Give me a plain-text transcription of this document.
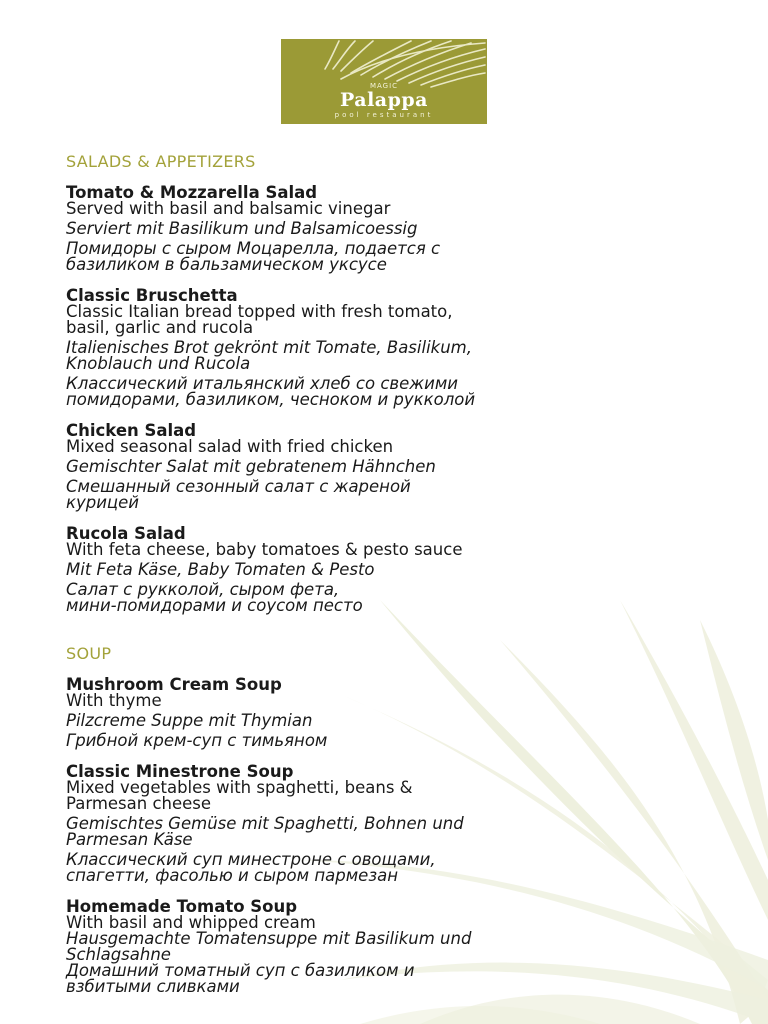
MAGIC
Palappa
pool restaurant
SALADS & APPETIZERS
Tomato & Mozzarella Salad
Served with basil and balsamic vinegar
Serviert mit Basilikum und Balsamicoessig
Помидоры с сыром Моцарелла, подается с
базиликом в бальзамическом уксусе
Classic Bruschetta
Classic Italian bread topped with fresh tomato,
basil, garlic and rucola
Italienisches Brot gekrönt mit Tomate, Basilikum,
Knoblauch und Rucola
Классический итальянский хлеб со свежими
помидорами, базиликом, чесноком и рукколой
Chicken Salad
Mixed seasonal salad with fried chicken
Gemischter Salat mit gebratenem Hähnchen
Смешанный сезонный салат с жареной
курицей
Rucola Salad
With feta cheese, baby tomatoes & pesto sauce
Mit Feta Käse, Baby Tomaten & Pesto
Салат с рукколой, сыром фета,
мини-помидорами и соусом песто
SOUP
Mushroom Cream Soup
With thyme
Pilzcreme Suppe mit Thymian
Грибной крем-суп с тимьяном
Classic Minestrone Soup
Mixed vegetables with spaghetti, beans &
Parmesan cheese
Gemischtes Gemüse mit Spaghetti, Bohnen und
Parmesan Käse
Классический суп минестроне с овощами,
спагетти, фасолью и сыром пармезан
Homemade Tomato Soup
With basil and whipped cream
Hausgemachte Tomatensuppe mit Basilikum und
Schlagsahne
Домашний томатный суп с базиликом и
взбитыми сливками
